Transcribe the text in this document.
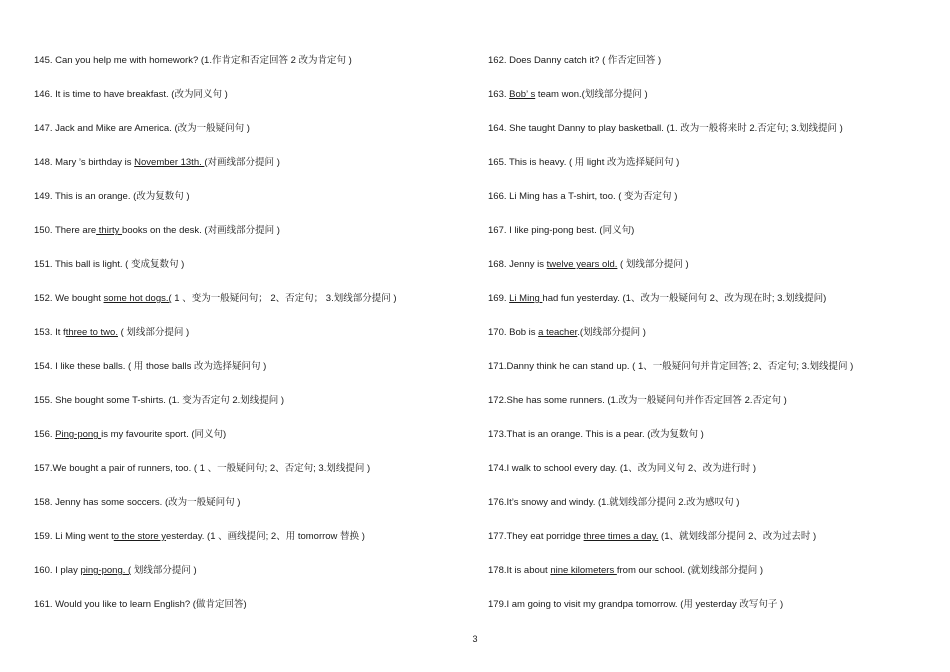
145. Can you help me with homework? (1.作肯定和否定回答 2 改为肯定句 )
146. It is time to have breakfast. (改为同义句 )
147. Jack and Mike are America. (改为一般疑问句 )
148. Mary ’s birthday is November 13th. (对画线部分提问 )
149. This is an orange. (改为复数句 )
150. There are thirty books on the desk. (对画线部分提问 )
151. This ball is light. ( 变成复数句 )
152. We bought some hot dogs.( 1 、变为一般疑问句； 2、否定句； 3.划线部分提问 )
153. It fthree to two. ( 划线部分提问 )
154. I like these balls. ( 用 those balls 改为选择疑问句 )
155. She bought some T-shirts. (1. 变为否定句 2.划线提问 )
156. Ping-pong is my favourite sport. (同义句)
157.We bought a pair of runners, too. ( 1 、一般疑问句; 2、否定句; 3.划线提问 )
158. Jenny has some soccers. (改为一般疑问句 )
159. Li Ming went to the store yesterday. (1 、画线提问; 2、用 tomorrow 替换 )
160. I play ping-pong. ( 划线部分提问 )
161. Would you like to learn English? (做肯定回答)
162. Does Danny catch it? ( 作否定回答 )
163. Bob’ s team won.(划线部分提问 )
164. She taught Danny to play basketball. (1. 改为一般将来时 2.否定句; 3.划线提问 )
165. This is heavy. ( 用 light 改为选择疑问句 )
166. Li Ming has a T-shirt, too. ( 变为否定句 )
167. I like ping-pong best. (同义句)
168. Jenny is twelve years old. ( 划线部分提问 )
169. Li Ming had fun yesterday. (1、改为一般疑问句 2、改为现在时; 3.划线提问)
170. Bob is a teacher.(划线部分提问 )
171.Danny think he can stand up. ( 1、一般疑问句并肯定回答; 2、否定句; 3.划线提问 )
172.She has some runners. (1.改为一般疑问句并作否定回答 2.否定句 )
173.That is an orange. This is a pear. (改为复数句 )
174.I walk to school every day. (1、改为同义句 2、改为进行时 )
176.It’s snowy and windy. (1.就划线部分提问 2.改为感叹句 )
177.They eat porridge three times a day. (1、就划线部分提问 2、改为过去时 )
178.It is about nine kilometers from our school. (就划线部分提问 )
179.I am going to visit my grandpa tomorrow. (用 yesterday 改写句子 )
3
